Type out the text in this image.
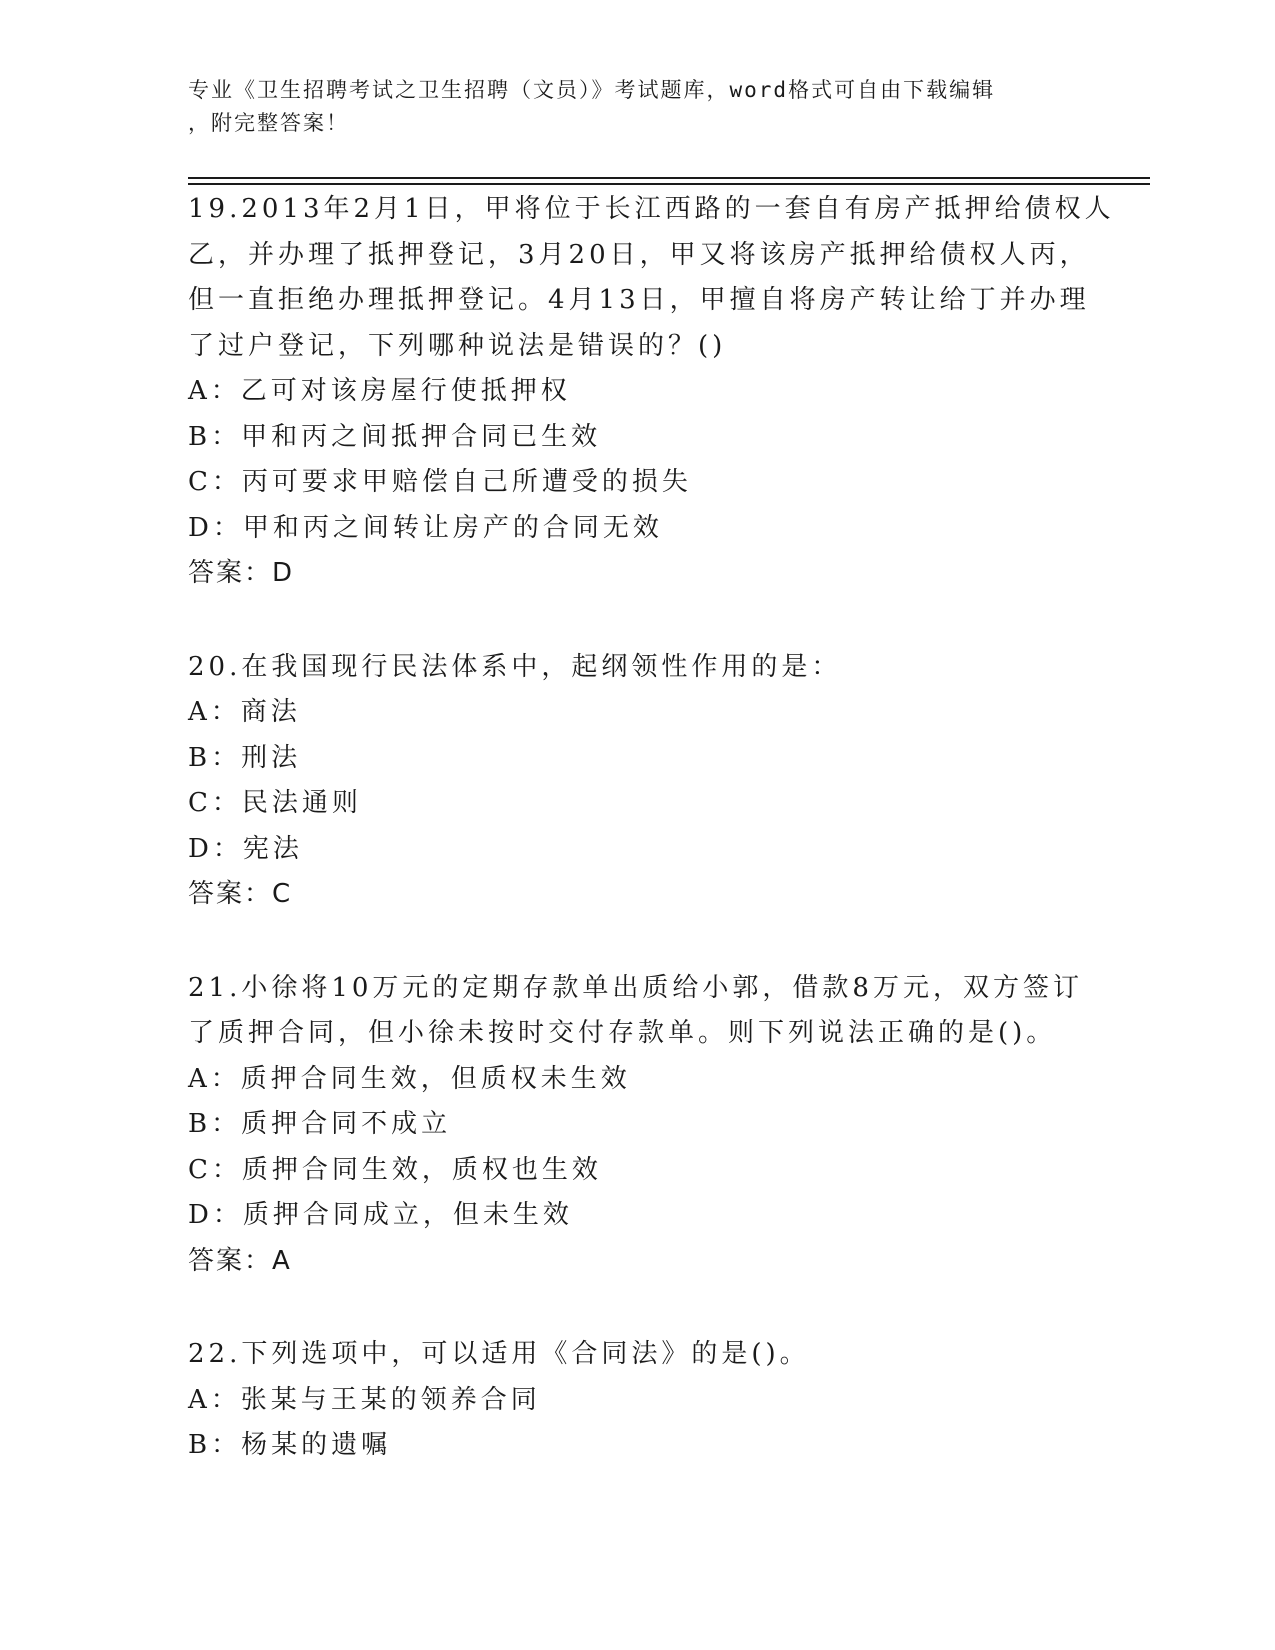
专业《卫生招聘考试之卫生招聘（文员）》考试题库，word格式可自由下载编辑
，附完整答案！
19.2013年2月1日，甲将位于长江西路的一套自有房产抵押给债权人
乙，并办理了抵押登记，3月20日，甲又将该房产抵押给债权人丙，
但一直拒绝办理抵押登记。4月13日，甲擅自将房产转让给丁并办理
了过户登记，下列哪种说法是错误的？()
A：乙可对该房屋行使抵押权
B：甲和丙之间抵押合同已生效
C：丙可要求甲赔偿自己所遭受的损失
D：甲和丙之间转让房产的合同无效
答案：D
20.在我国现行民法体系中，起纲领性作用的是：
A：商法
B：刑法
C：民法通则
D：宪法
答案：C
21.小徐将10万元的定期存款单出质给小郭，借款8万元，双方签订
了质押合同，但小徐未按时交付存款单。则下列说法正确的是()。
A：质押合同生效，但质权未生效
B：质押合同不成立
C：质押合同生效，质权也生效
D：质押合同成立，但未生效
答案：A
22.下列选项中，可以适用《合同法》的是()。
A：张某与王某的领养合同
B：杨某的遗嘱
